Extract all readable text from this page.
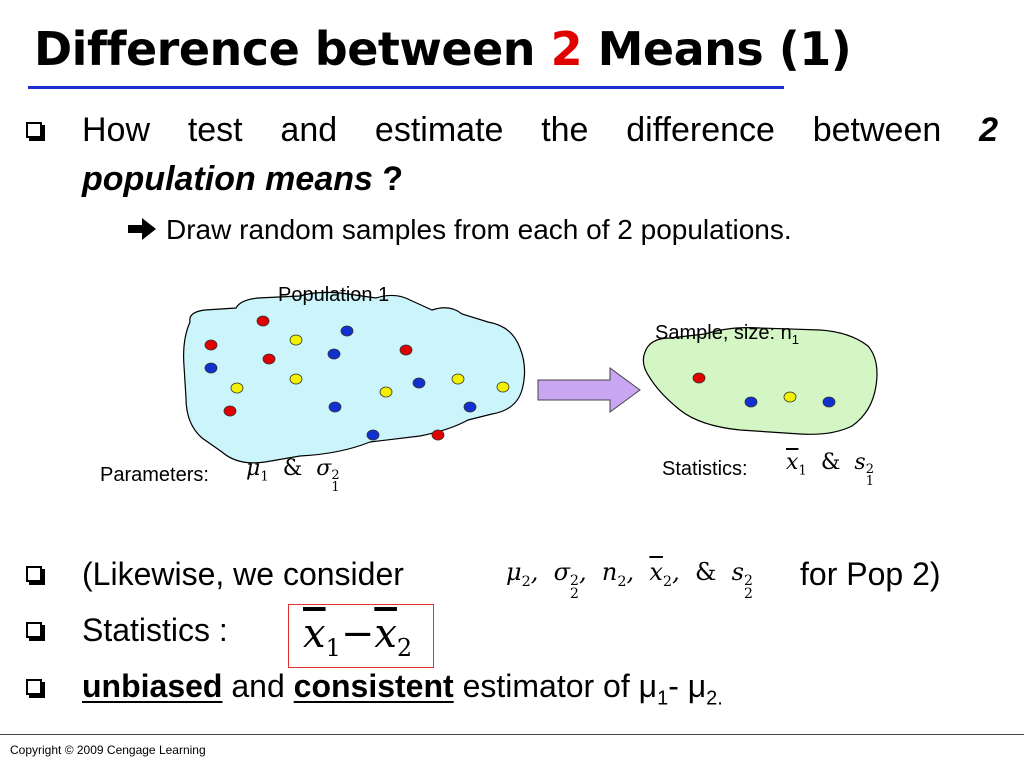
Difference between 2 Means (1)
How test and estimate the difference between 2
population means ?
Draw random samples from each of 2 populations.
Population 1
Sample, size: $n_1$
Parameters: $\mu_1$ & σ 2
1
Statistics: $\overline{x}_1$ & s 2
1
(Likewise, we consider	$\mu_2$,  σ 2
2
,  $n_2$,  $\overline{x}_2$,  & s 2
2
for Pop 2)
Statistics : $\overline{x}_1-\overline{x}_2$
unbiased and consistent estimator of $\mu_1-$ $\mu_{2.}$
Copyright © 2009 Cengage Learning
